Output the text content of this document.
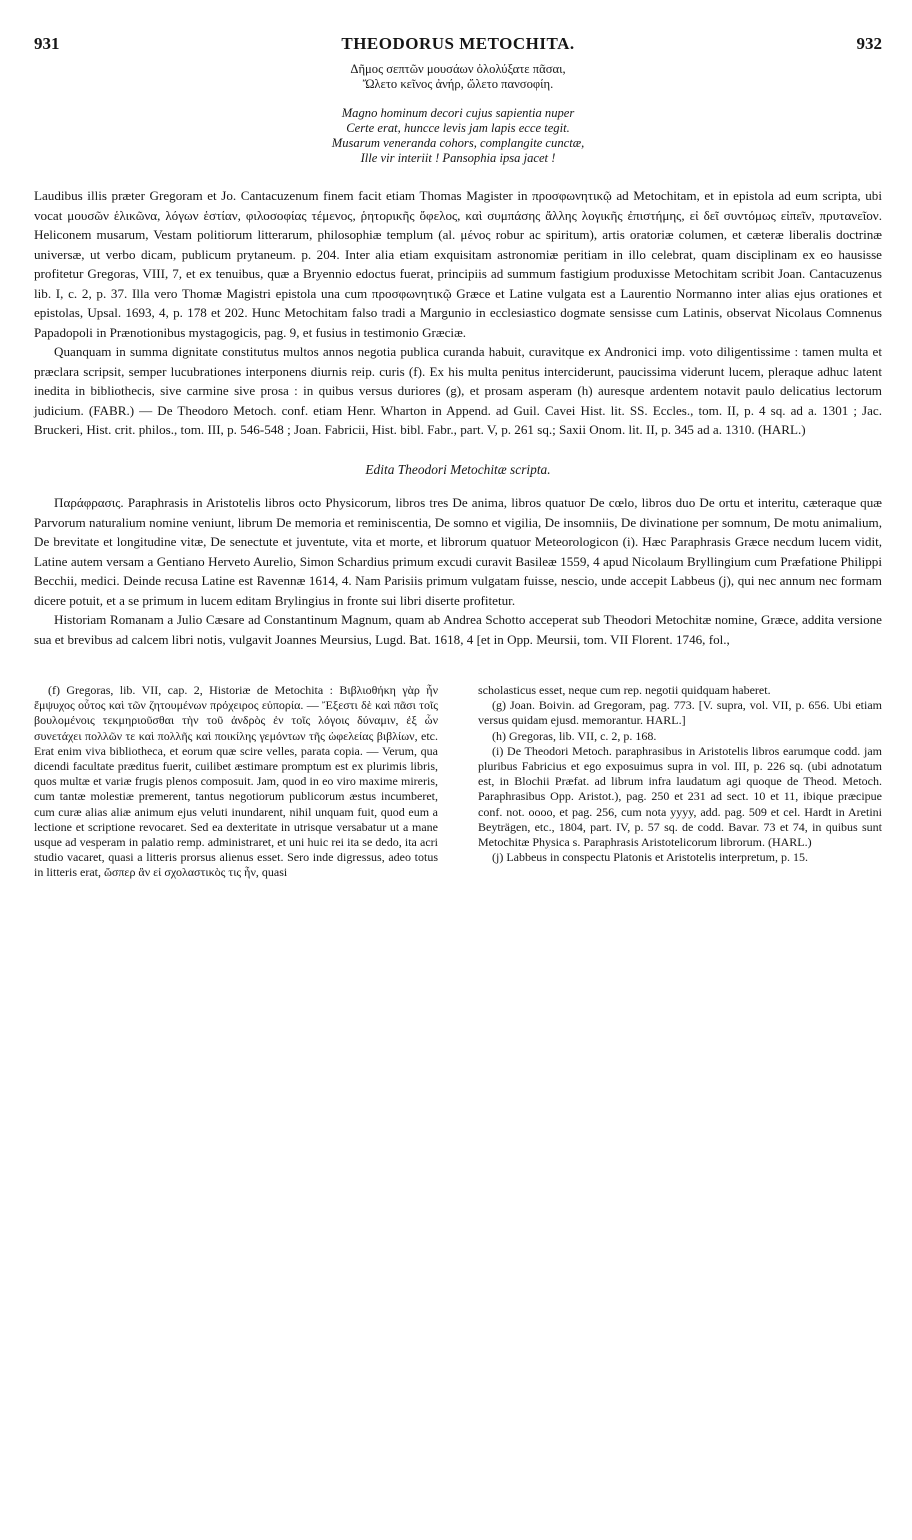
931	THEODORUS METOCHITA.	932
Δῆμος σεπτῶν μουσάων ὀλολύξατε πᾶσαι,
Ὤλετο κεῖνος ἀνήρ, ὤλετο πανσοφίη.
Magno hominum decori cujus sapientia nuper
Certe erat, huncce levis jam lapis ecce tegit.
Musarum veneranda cohors, complangite cunctæ,
Ille vir interiit ! Pansophia ipsa jacet !

Laudibus illis præter Gregoram et Jo. Cantacuzenum finem facit etiam Thomas Magister in προσφωνητικῷ ad Metochitam, et in epistola ad eum scripta, ubi vocat μουσῶν ἑλικῶνα, λόγων ἑστίαν, φιλοσοφίας τέμενος, ῥητορικῆς ὄφελος, καὶ συμπάσης ἄλλης λογικῆς ἐπιστήμης, εἰ δεῖ συντόμως εἰπεῖν, πρυτανεῖον. Heliconem musarum, Vestam politiorum litterarum, philosophiæ templum (al. μένος robur ac spiritum), artis oratoriæ columen, et cæteræ liberalis doctrinæ universæ, ut verbo dicam, publicum prytaneum. p. 204. Inter alia etiam exquisitam astronomiæ peritiam in illo celebrat, quam disciplinam ex eo hausisse profitetur Gregoras, VIII, 7, et ex tenuibus, quæ a Bryennio edoctus fuerat, principiis ad summum fastigium produxisse Metochitam scribit Joan. Cantacuzenus lib. I, c. 2, p. 37. Illa vero Thomæ Magistri epistola una cum προσφωνητικῷ Græce et Latine vulgata est a Laurentio Normanno inter alias ejus orationes et epistolas, Upsal. 1693, 4, p. 178 et 202. Hunc Metochitam falso tradi a Margunio in ecclesiastico dogmate sensisse cum Latinis, observat Nicolaus Comnenus Papadopoli in Prænotionibus mystagogicis, pag. 9, et fusius in testimonio Græciæ.

Quanquam in summa dignitate constitutus multos annos negotia publica curanda habuit, curavitque ex Andronici imp. voto diligentissime : tamen multa et præclara scripsit, semper lucubrationes interponens diurnis reip. curis (f). Ex his multa penitus interciderunt, paucissima viderunt lucem, pleraque adhuc latent inedita in bibliothecis, sive carmine sive prosa : in quibus versus duriores (g), et prosam asperam (h) auresque ardentem notavit paulo delicatius lectorum judicium. (FABR.) — De Theodoro Metoch. conf. etiam Henr. Wharton in Append. ad Guil. Cavei Hist. lit. SS. Eccles., tom. II, p. 4 sq. ad a. 1301 ; Jac. Bruckeri, Hist. crit. philos., tom. III, p. 546-548 ; Joan. Fabricii, Hist. bibl. Fabr., part. V, p. 261 sq.; Saxii Onom. lit. II, p. 345 ad a. 1310. (HARL.)

Edita Theodori Metochitæ scripta.

Παράφρασις. Paraphrasis in Aristotelis libros octo Physicorum, libros tres De anima, libros quatuor De cœlo, libros duo De ortu et interitu, cæteraque quæ Parvorum naturalium nomine veniunt, librum De memoria et reminiscentia, De somno et vigilia, De insomniis, De divinatione per somnum, De motu animalium, De brevitate et longitudine vitæ, De senectute et juventute, vita et morte, et librorum quatuor Meteorologicon (i). Hæc Paraphrasis Græce necdum lucem vidit, Latine autem versam a Gentiano Herveto Aurelio, Simon Schardius primum excudi curavit Basileæ 1559, 4 apud Nicolaum Bryllingium cum Præfatione Philippi Becchii, medici. Deinde recusa Latine est Ravennæ 1614, 4. Nam Parisiis primum vulgatam fuisse, nescio, unde accepit Labbeus (j), qui nec annum nec formam dicere potuit, et a se primum in lucem editam Brylingius in fronte sui libri diserte profitetur.

Historiam Romanam a Julio Cæsare ad Constantinum Magnum, quam ab Andrea Schotto acceperat sub Theodori Metochitæ nomine, Græce, addita versione sua et brevibus ad calcem libri notis, vulgavit Joannes Meursius, Lugd. Bat. 1618, 4 [et in Opp. Meursii, tom. VII Florent. 1746, fol.,

(f) Gregoras, lib. VII, cap. 2, Historiæ de Metochita : Βιβλιοθήκη γὰρ ἦν ἔμψυχος οὗτος καὶ τῶν ζητουμένων πρόχειρος εὐπορία. — Ἔξεστι δὲ καὶ πᾶσι τοῖς βουλομένοις τεκμηριοῦσθαι τὴν τοῦ ἀνδρὸς ἐν τοῖς λόγοις δύναμιν, ἐξ ὧν συνετάχει πολλῶν τε καὶ πολλῆς καὶ ποικίλης γεμόντων τῆς ὠφελείας βιβλίων, etc. Erat enim viva bibliotheca, et eorum quæ scire velles, parata copia. — Verum, qua dicendi facultate præditus fuerit, cuilibet æstimare promptum est ex plurimis libris, quos multæ et variæ frugis plenos composuit. Jam, quod in eo viro maxime mireris, cum tantæ molestiæ premerent, tantus negotiorum publicorum æstus incumberet, cum curæ alias aliæ animum ejus veluti inundarent, nihil unquam fuit, quod eum a lectione et scriptione revocaret. Sed ea dexteritate in utrisque versabatur ut a mane usque ad vesperam in palatio remp. administraret, et uni huic rei ita se dedo, ita acri studio vacaret, quasi a litteris prorsus alienus esset. Sero inde digressus, adeo totus in litteris erat, ὥσπερ ἂν εἰ σχολαστικὸς τις ἦν, quasi

scholasticus esset, neque cum rep. negotii quidquam haberet.

(g) Joan. Boivin. ad Gregoram, pag. 773. [V. supra, vol. VII, p. 656. Ubi etiam versus quidam ejusd. memorantur. HARL.]

(h) Gregoras, lib. VII, c. 2, p. 168.

(i) De Theodori Metoch. paraphrasibus in Aristotelis libros earumque codd. jam pluribus Fabricius et ego exposuimus supra in vol. III, p. 226 sq. (ubi adnotatum est, in Blochii Præfat. ad librum infra laudatum agi quoque de Theod. Metoch. Paraphrasibus Opp. Aristot.), pag. 250 et 231 ad sect. 10 et 11, ibique præcipue conf. not. oooo, et pag. 256, cum nota yyyy, add. pag. 509 et cel. Hardt in Aretini Beyträgen, etc., 1804, part. IV, p. 57 sq. de codd. Bavar. 73 et 74, in quibus sunt Metochitæ Physica s. Paraphrasis Aristotelicorum librorum. (HARL.)

(j) Labbeus in conspectu Platonis et Aristotelis interpretum, p. 15.
